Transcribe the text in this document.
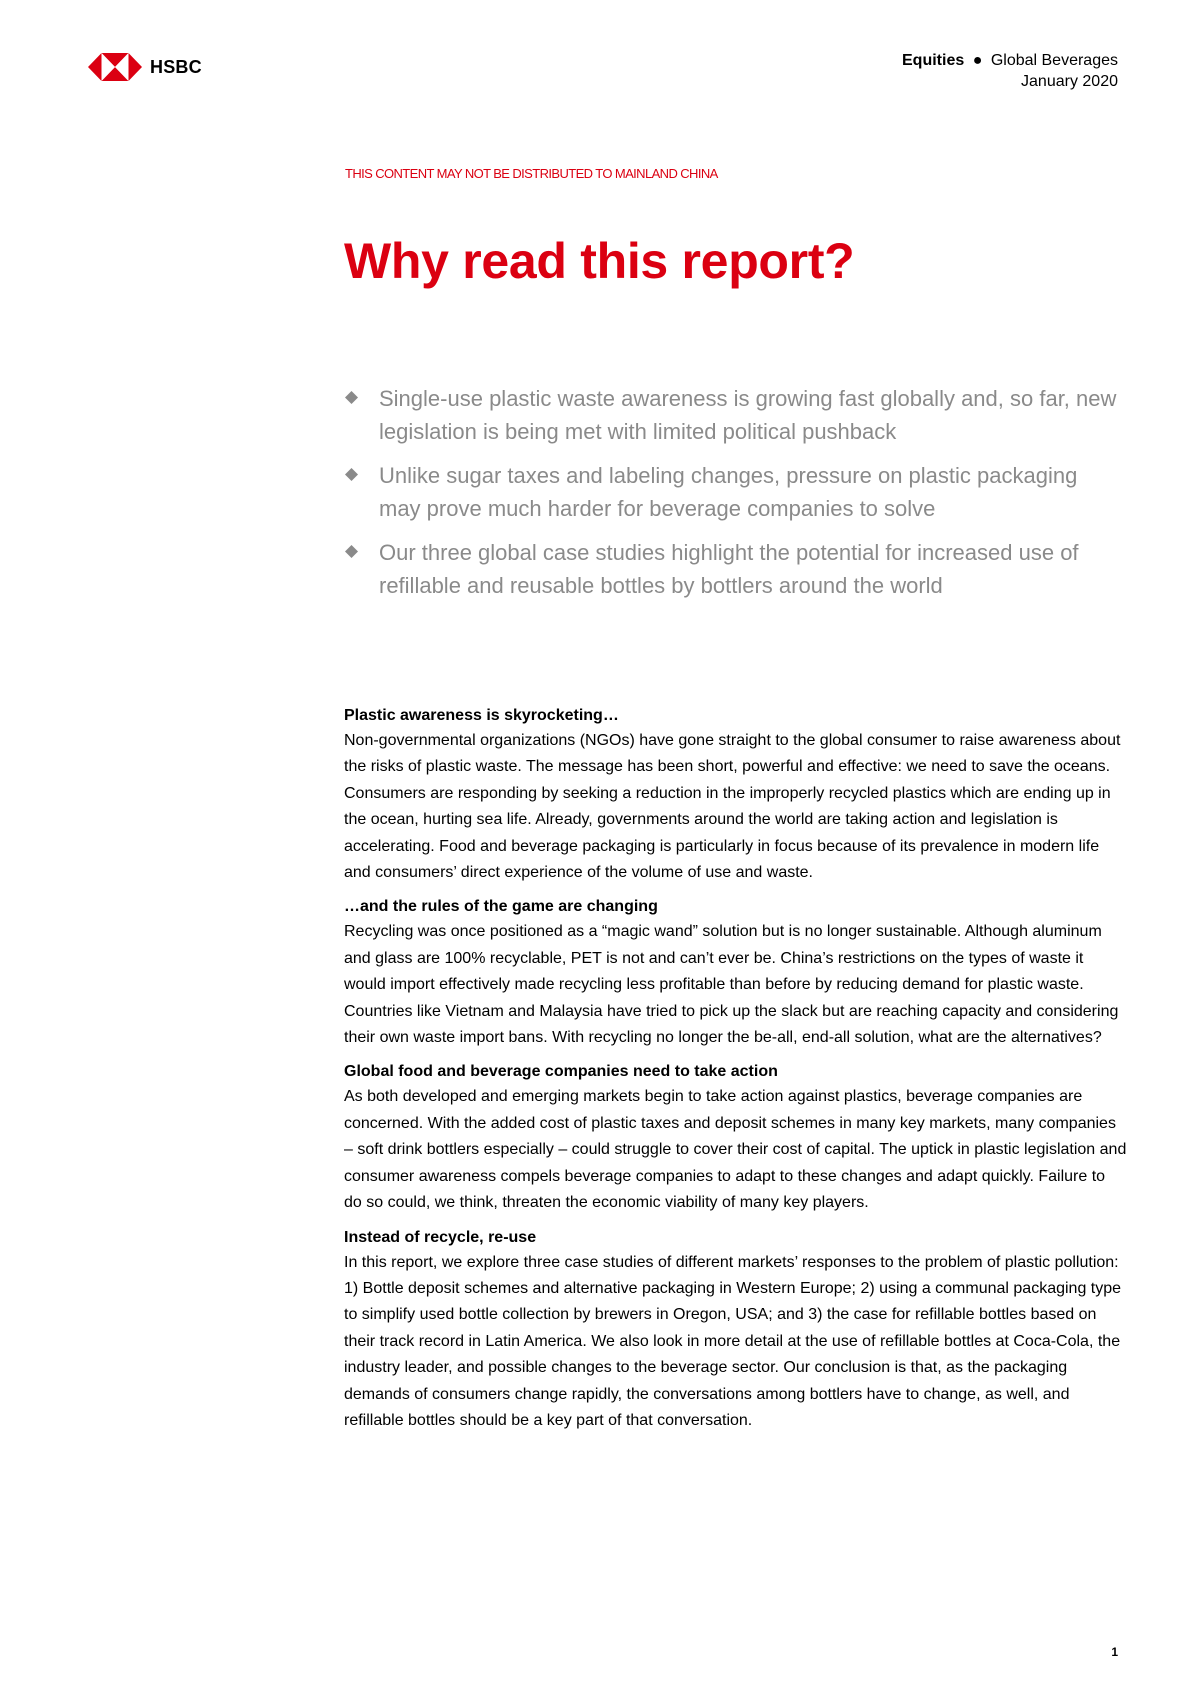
HSBC	Equities ● Global Beverages
January 2020
THIS CONTENT MAY NOT BE DISTRIBUTED TO MAINLAND CHINA
Why read this report?
Single-use plastic waste awareness is growing fast globally and, so far, new legislation is being met with limited political pushback
Unlike sugar taxes and labeling changes, pressure on plastic packaging may prove much harder for beverage companies to solve
Our three global case studies highlight the potential for increased use of refillable and reusable bottles by bottlers around the world
Plastic awareness is skyrocketing…

Non-governmental organizations (NGOs) have gone straight to the global consumer to raise awareness about the risks of plastic waste. The message has been short, powerful and effective: we need to save the oceans. Consumers are responding by seeking a reduction in the improperly recycled plastics which are ending up in the ocean, hurting sea life. Already, governments around the world are taking action and legislation is accelerating. Food and beverage packaging is particularly in focus because of its prevalence in modern life and consumers’ direct experience of the volume of use and waste.

…and the rules of the game are changing

Recycling was once positioned as a “magic wand” solution but is no longer sustainable. Although aluminum and glass are 100% recyclable, PET is not and can’t ever be. China’s restrictions on the types of waste it would import effectively made recycling less profitable than before by reducing demand for plastic waste. Countries like Vietnam and Malaysia have tried to pick up the slack but are reaching capacity and considering their own waste import bans. With recycling no longer the be-all, end-all solution, what are the alternatives?

Global food and beverage companies need to take action

As both developed and emerging markets begin to take action against plastics, beverage companies are concerned. With the added cost of plastic taxes and deposit schemes in many key markets, many companies – soft drink bottlers especially – could struggle to cover their cost of capital. The uptick in plastic legislation and consumer awareness compels beverage companies to adapt to these changes and adapt quickly. Failure to do so could, we think, threaten the economic viability of many key players.

Instead of recycle, re-use

In this report, we explore three case studies of different markets’ responses to the problem of plastic pollution: 1) Bottle deposit schemes and alternative packaging in Western Europe; 2) using a communal packaging type to simplify used bottle collection by brewers in Oregon, USA; and 3) the case for refillable bottles based on their track record in Latin America. We also look in more detail at the use of refillable bottles at Coca-Cola, the industry leader, and possible changes to the beverage sector. Our conclusion is that, as the packaging demands of consumers change rapidly, the conversations among bottlers have to change, as well, and refillable bottles should be a key part of that conversation.

1
